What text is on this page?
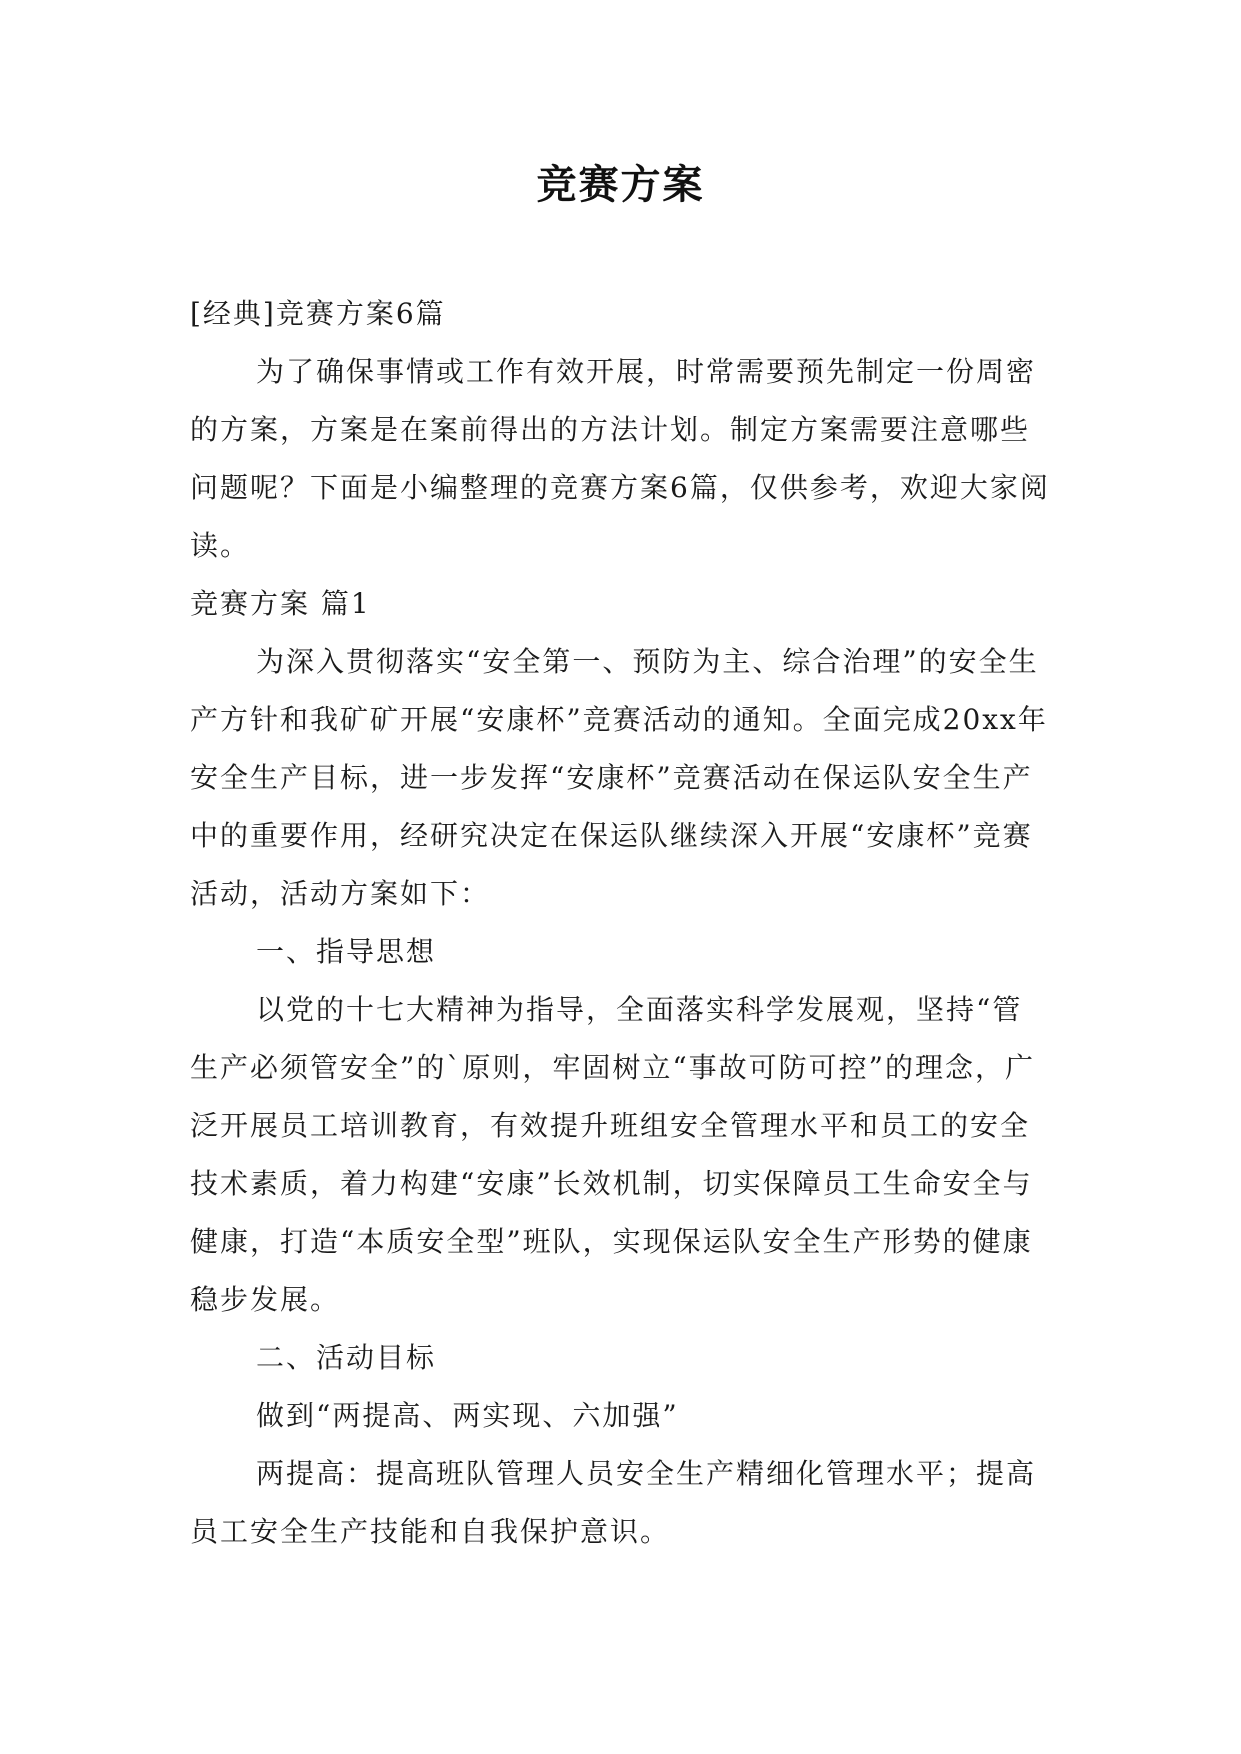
竞赛方案

[经典]竞赛方案6篇

为了确保事情或工作有效开展，时常需要预先制定一份周密的方案，方案是在案前得出的方法计划。制定方案需要注意哪些问题呢？下面是小编整理的竞赛方案6篇，仅供参考，欢迎大家阅读。

竞赛方案 篇1

为深入贯彻落实“安全第一、预防为主、综合治理”的安全生产方针和我矿矿开展“安康杯”竞赛活动的通知。全面完成20xx年安全生产目标，进一步发挥“安康杯”竞赛活动在保运队安全生产中的重要作用，经研究决定在保运队继续深入开展“安康杯”竞赛活动，活动方案如下：

一、指导思想

以党的十七大精神为指导，全面落实科学发展观，坚持“管生产必须管安全”的`原则，牢固树立“事故可防可控”的理念，广泛开展员工培训教育，有效提升班组安全管理水平和员工的安全技术素质，着力构建“安康”长效机制，切实保障员工生命安全与健康，打造“本质安全型”班队，实现保运队安全生产形势的健康稳步发展。

二、活动目标

做到“两提高、两实现、六加强”

两提高：提高班队管理人员安全生产精细化管理水平；提高员工安全生产技能和自我保护意识。
